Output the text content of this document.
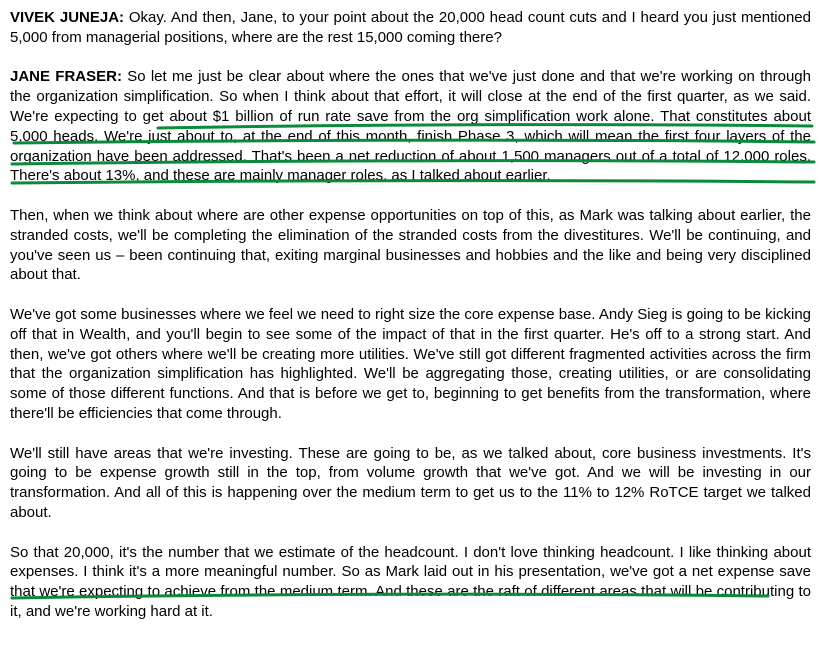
VIVEK JUNEJA: Okay. And then, Jane, to your point about the 20,000 head count cuts and I heard you just mentioned 5,000 from managerial positions, where are the rest 15,000 coming there?

JANE FRASER: So let me just be clear about where the ones that we've just done and that we're working on through the organization simplification. So when I think about that effort, it will close at the end of the first quarter, as we said. We're expecting to get about $1 billion of run rate save from the org simplification work alone. That constitutes about 5,000 heads. We're just about to, at the end of this month, finish Phase 3, which will mean the first four layers of the organization have been addressed. That's been a net reduction of about 1,500 managers out of a total of 12,000 roles. There's about 13%, and these are mainly manager roles, as I talked about earlier.

Then, when we think about where are other expense opportunities on top of this, as Mark was talking about earlier, the stranded costs, we'll be completing the elimination of the stranded costs from the divestitures. We'll be continuing, and you've seen us – been continuing that, exiting marginal businesses and hobbies and the like and being very disciplined about that.

We've got some businesses where we feel we need to right size the core expense base. Andy Sieg is going to be kicking off that in Wealth, and you'll begin to see some of the impact of that in the first quarter. He's off to a strong start. And then, we've got others where we'll be creating more utilities. We've still got different fragmented activities across the firm that the organization simplification has highlighted. We'll be aggregating those, creating utilities, or are consolidating some of those different functions. And that is before we get to, beginning to get benefits from the transformation, where there'll be efficiencies that come through.

We'll still have areas that we're investing. These are going to be, as we talked about, core business investments. It's going to be expense growth still in the top, from volume growth that we've got. And we will be investing in our transformation. And all of this is happening over the medium term to get us to the 11% to 12% RoTCE target we talked about.

So that 20,000, it's the number that we estimate of the headcount. I don't love thinking headcount. I like thinking about expenses. I think it's a more meaningful number. So as Mark laid out in his presentation, we've got a net expense save that we're expecting to achieve from the medium term. And these are the raft of different areas that will be contributing to it, and we're working hard at it.
